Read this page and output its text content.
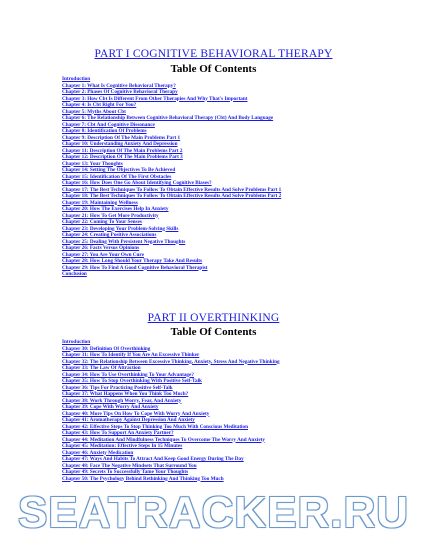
PART I COGNITIVE BEHAVIORAL THERAPY
Table Of Contents
Introduction
Chapter 1: What Is Cognitive Behavioral Therapy?
Chapter 2: Phases Of Cognitive Behavioral Therapy
Chapter 3: How Cbt Is Different From Other Therapies And Why That's Important
Chapter 4: Is Cbt Right For You?
Chapter 5: Myths About Cbt
Chapter 6: The Relationship Between Cognitive Behavioral Therapy (Cbt) And Body Language
Chapter 7: Cbt And Cognitive Dissonance
Chapter 8: Identification Of Problems
Chapter 9: Description Of The Main Problems Part 1
Chapter 10: Understanding Anxiety And Depression
Chapter 11: Description Of The Main Problems Part 2
Chapter 12: Description Of The Main Problems Part 3
Chapter 13: Your Thoughts
Chapter 14: Setting The Objectives To Be Achieved
Chapter 15: Identification Of The First Obstacles
Chapter 16: How Does One Go About Identifying Cognitive Biases?
Chapter 17: The Best Techniques To Follow To Obtain Effective Results And Solve Problems Part 1
Chapter 18: The Best Techniques To Follow To Obtain Effective Results And Solve Problems Part 2
Chapter 19: Maintaining Wellness
Chapter 20: How The Exercises Help In Anxiety
Chapter 21: How To Get More Productivity
Chapter 22: Coming To Your Senses
Chapter 23: Developing Your Problem-Solving Skills
Chapter 24: Creating Positive Associations
Chapter 25: Dealing With Persistent Negative Thoughts
Chapter 26: Facts Versus Opinions
Chapter 27: You Are Your Own Cure
Chapter 28: How Long Should Your Therapy Take And Results
Chapter 29: How To Find A Good Cognitive Behavioral Therapist
Conclusion
PART II OVERTHINKING
Table Of Contents
Introduction
Chapter 30: Definition Of Overthinking
Chapter 31: How To Identify If You Are An Excessive Thinker
Chapter 32: The Relationship Between Excessive Thinking, Anxiety, Stress And Negative Thinking
Chapter 33: The Law Of Attraction
Chapter 34: How To Use Overthinking To Your Advantage?
Chapter 35: How To Stop Overthinking With Positive Self-Talk
Chapter 36: Tips For Practicing Positive Self-Talk
Chapter 37: What Happens When You Think Too Much?
Chapter 38: Work Through Worry, Fear, And Anxiety
Chapter 39: Cope With Worry And Anxiety
Chapter 40: More Tips On How To Cope With Worry And Anxiety
Chapter 41: Aromatherapy Against Depression And Anxiety
Chapter 42: Effective Steps To Stop Thinking Too Much With Conscious Meditation
Chapter 43: How To Support An Anxiety Partner?
Chapter 44: Meditation And Mindfulness Techniques To Overcome The Worry And Anxiety
Chapter 45: Meditation: Effective Steps In 15 Minutes
Chapter 46: Anxiety Medication
Chapter 47: Ways And Habits To Attract And Keep Good Energy During The Day
Chapter 48: Face The Negative Mindsets That Surround You
Chapter 49: Secrets To Successfully Tame Your Thoughts
Chapter 50: The Psychology Behind Rethinking And Thinking Too Much
SEATRACKER.RU
